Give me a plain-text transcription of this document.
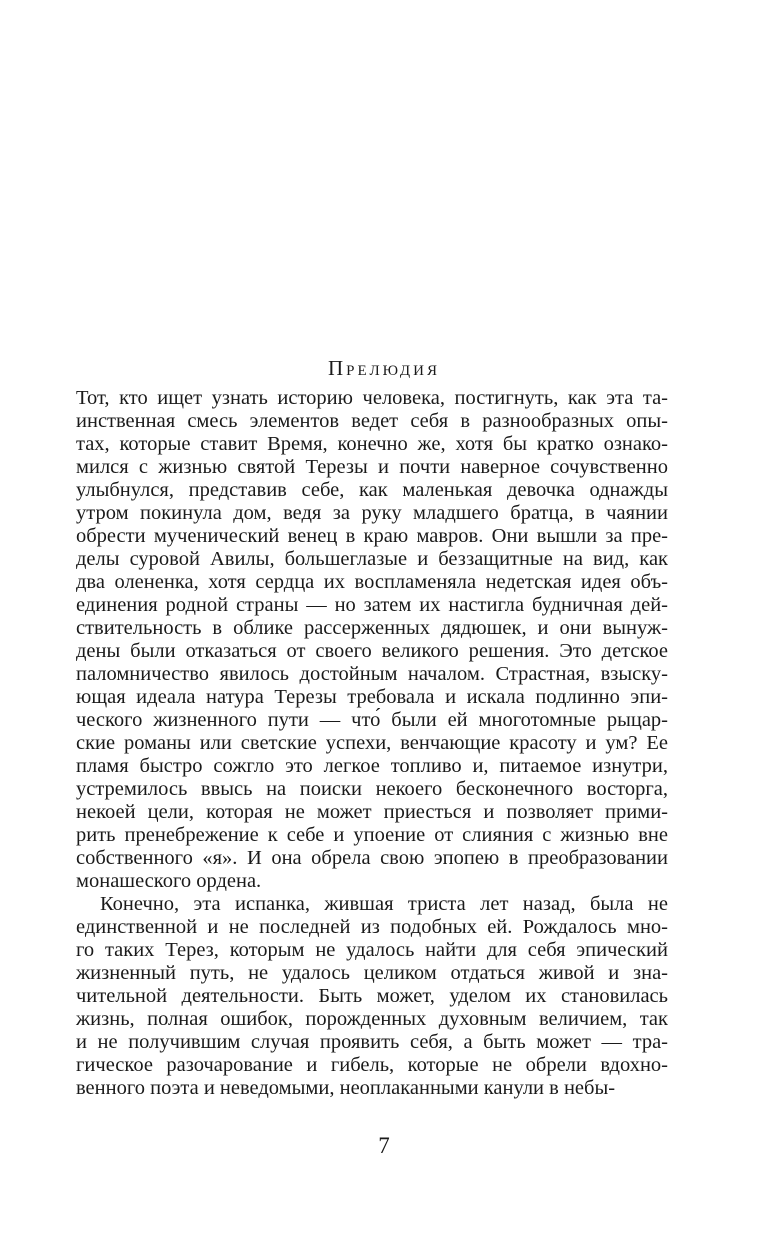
Прелюдия
Тот, кто ищет узнать историю человека, постигнуть, как эта та-
инственная смесь элементов ведет себя в разнообразных опы-
тах, которые ставит Время, конечно же, хотя бы кратко ознако-
мился с жизнью святой Терезы и почти наверное сочувственно
улыбнулся, представив себе, как маленькая девочка однажды
утром покинула дом, ведя за руку младшего братца, в чаянии
обрести мученический венец в краю мавров. Они вышли за пре-
делы суровой Авилы, большеглазые и беззащитные на вид, как
два олененка, хотя сердца их воспламеняла недетская идея объ-
единения родной страны — но затем их настигла будничная дей-
ствительность в облике рассерженных дядюшек, и они вынуж-
дены были отказаться от своего великого решения. Это детское
паломничество явилось достойным началом. Страстная, взыску-
ющая идеала натура Терезы требовала и искала подлинно эпи-
ческого жизненного пути — что́ были ей многотомные рыцар-
ские романы или светские успехи, венчающие красоту и ум? Ее
пламя быстро сожгло это легкое топливо и, питаемое изнутри,
устремилось ввысь на поиски некоего бесконечного восторга,
некоей цели, которая не может приесться и позволяет прими-
рить пренебрежение к себе и упоение от слияния с жизнью вне
собственного «я». И она обрела свою эпопею в преобразовании
монашеского ордена.
Конечно, эта испанка, жившая триста лет назад, была не
единственной и не последней из подобных ей. Рождалось мно-
го таких Терез, которым не удалось найти для себя эпический
жизненный путь, не удалось целиком отдаться живой и зна-
чительной деятельности. Быть может, уделом их становилась
жизнь, полная ошибок, порожденных духовным величием, так
и не получившим случая проявить себя, а быть может — тра-
гическое разочарование и гибель, которые не обрели вдохно-
венного поэта и неведомыми, неоплаканными канули в небы-
7
